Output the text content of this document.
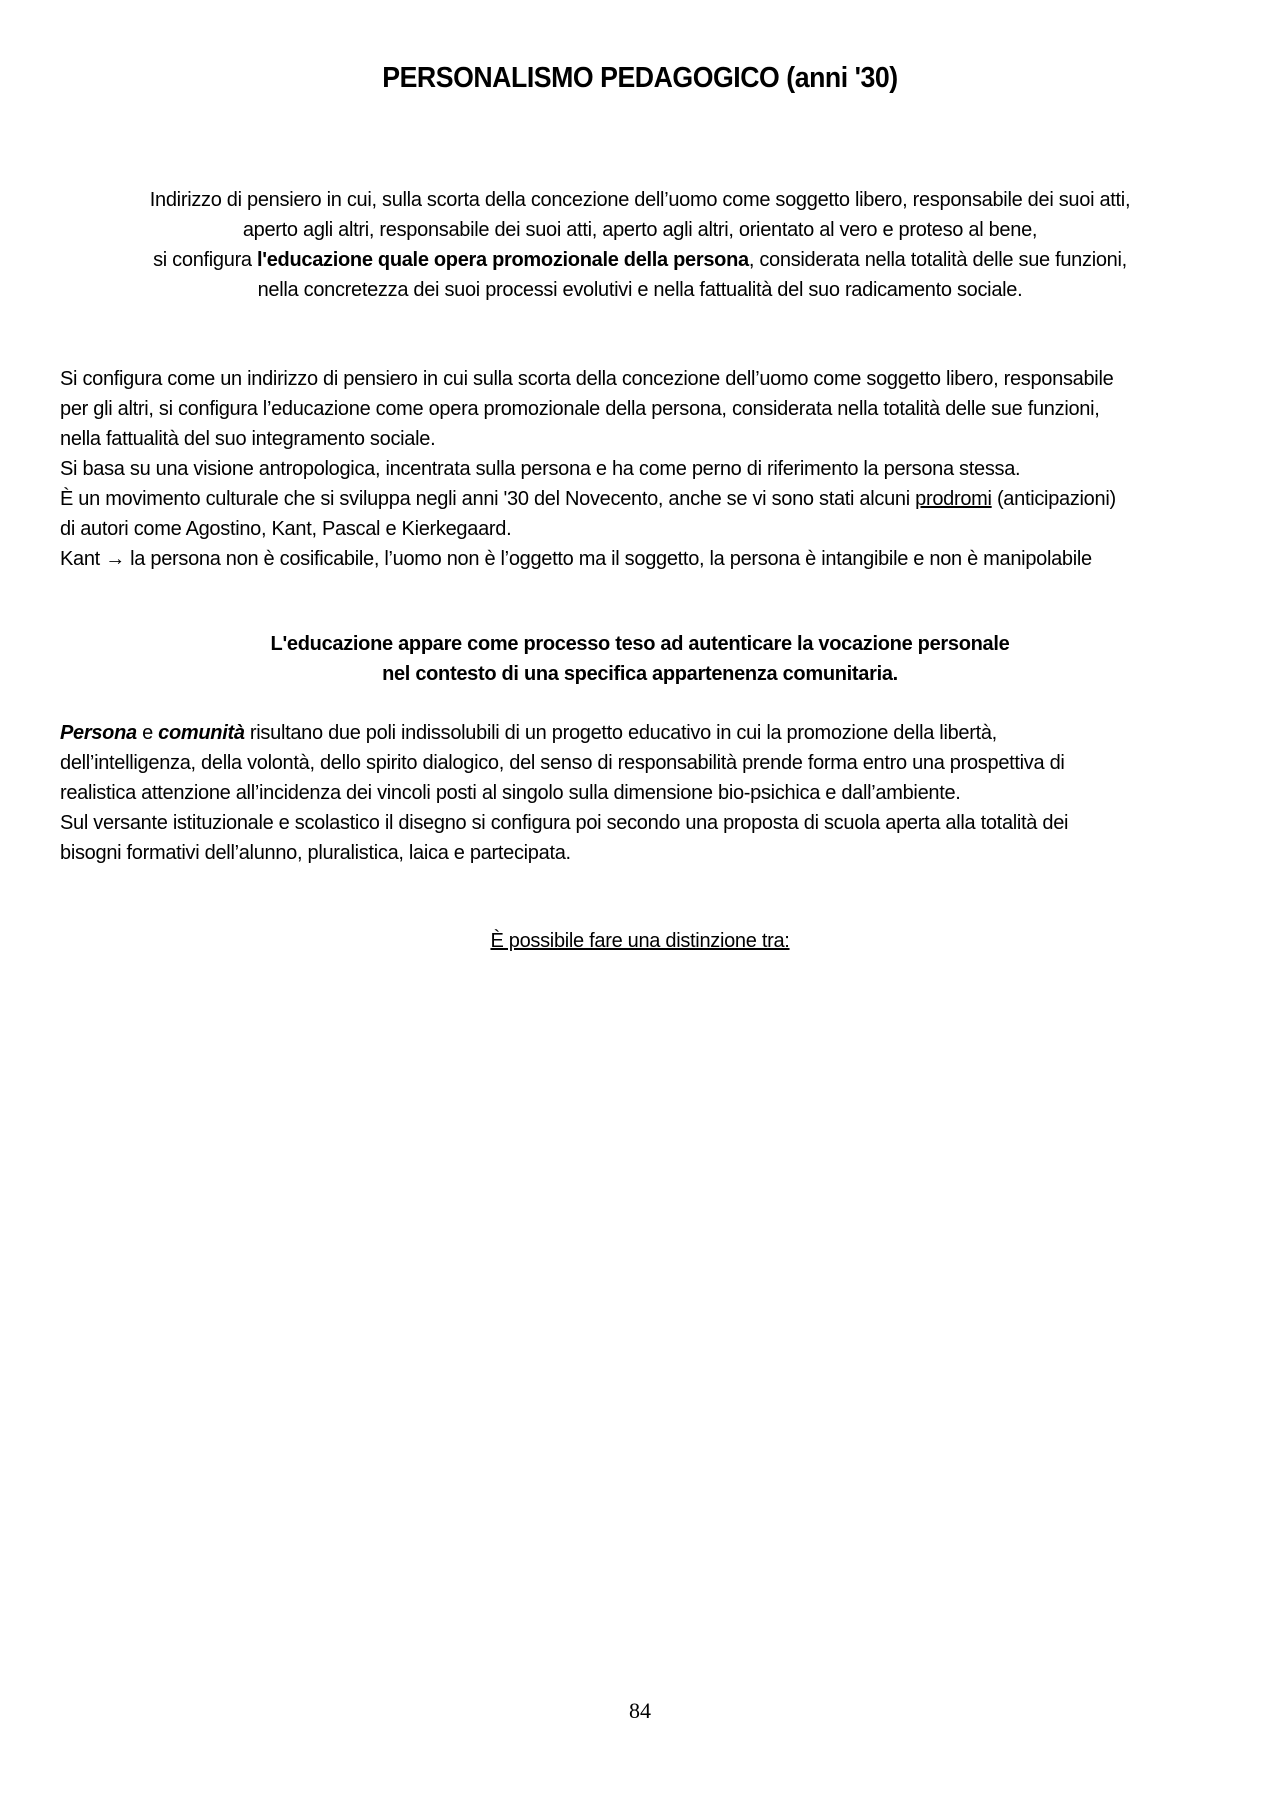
PERSONALISMO PEDAGOGICO (anni '30)
Indirizzo di pensiero in cui, sulla scorta della concezione dell’uomo come soggetto libero, responsabile dei suoi atti,
aperto agli altri, responsabile dei suoi atti, aperto agli altri, orientato al vero e proteso al bene,
si configura l'educazione quale opera promozionale della persona, considerata nella totalità delle sue funzioni,
nella concretezza dei suoi processi evolutivi e nella fattualità del suo radicamento sociale.
Si configura come un indirizzo di pensiero in cui sulla scorta della concezione dell’uomo come soggetto libero, responsabile
per gli altri, si configura l’educazione come opera promozionale della persona, considerata nella totalità delle sue funzioni,
nella fattualità del suo integramento sociale.
Si basa su una visione antropologica, incentrata sulla persona e ha come perno di riferimento la persona stessa.
È un movimento culturale che si sviluppa negli anni '30 del Novecento, anche se vi sono stati alcuni prodromi (anticipazioni)
di autori come Agostino, Kant, Pascal e Kierkegaard.
Kant → la persona non è cosificabile, l’uomo non è l’oggetto ma il soggetto, la persona è intangibile e non è manipolabile
L'educazione appare come processo teso ad autenticare la vocazione personale
nel contesto di una specifica appartenenza comunitaria.
Persona e comunità risultano due poli indissolubili di un progetto educativo in cui la promozione della libertà,
dell’intelligenza, della volontà, dello spirito dialogico, del senso di responsabilità prende forma entro una prospettiva di
realistica attenzione all’incidenza dei vincoli posti al singolo sulla dimensione bio-psichica e dall’ambiente.
Sul versante istituzionale e scolastico il disegno si configura poi secondo una proposta di scuola aperta alla totalità dei
bisogni formativi dell’alunno, pluralistica, laica e partecipata.
È possibile fare una distinzione tra:
84
